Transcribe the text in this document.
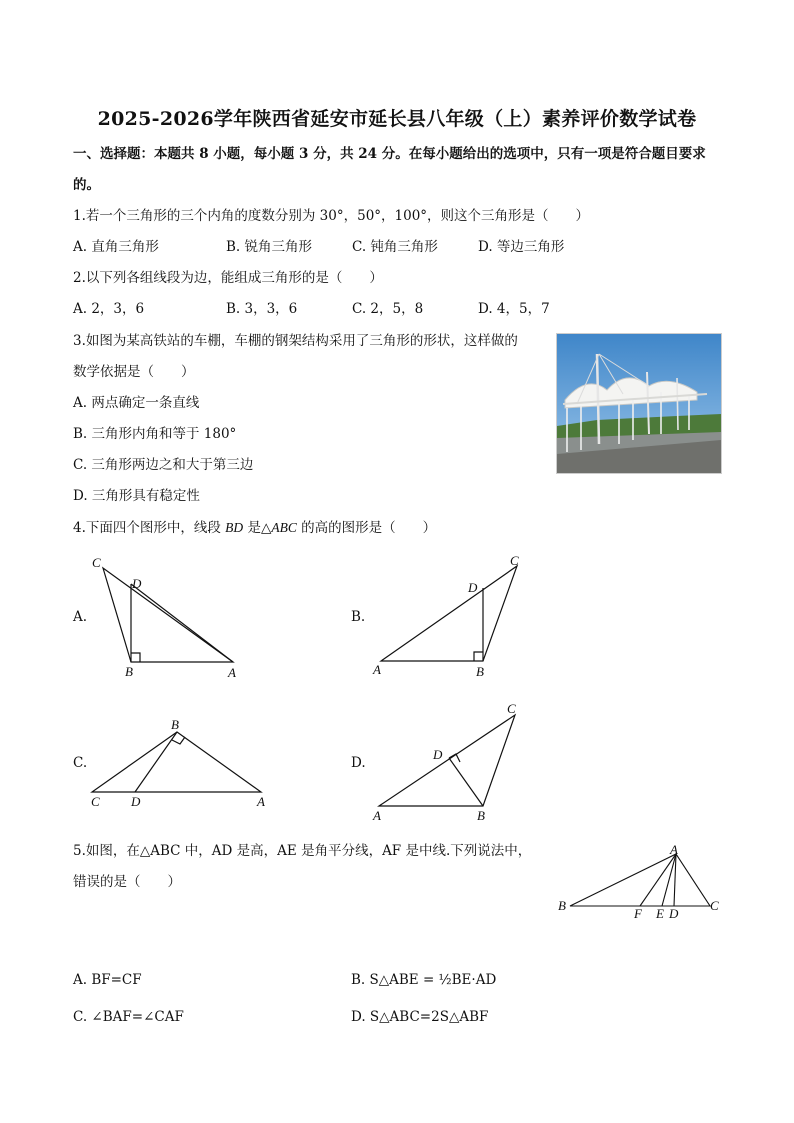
2025-2026学年陕西省延安市延长县八年级（上）素养评价数学试卷
一、选择题：本题共 8 小题，每小题 3 分，共 24 分。在每小题给出的选项中，只有一项是符合题目要求
的。
1.若一个三角形的三个内角的度数分别为 30°，50°，100°，则这个三角形是（　　）
A. 直角三角形	B. 锐角三角形	C. 钝角三角形	D. 等边三角形
2.以下列各组线段为边，能组成三角形的是（　　）
A. 2，3，6	B. 3，3，6	C. 2，5，8	D. 4，5，7
3.如图为某高铁站的车棚，车棚的钢架结构采用了三角形的形状，这样做的
数学依据是（　　）
A. 两点确定一条直线
B. 三角形内角和等于 180°
C. 三角形两边之和大于第三边
D. 三角形具有稳定性
4.下面四个图形中，线段 BD 是△ABC 的高的图形是（　　）
A.	B.
C.	D.
C
D
B	A
C
D
A	B
B
C D	A
C
D
A	B
5.如图，在△ABC 中，AD 是高，AE 是角平分线，AF 是中线.下列说法中，
错误的是（　　）
A
B	C
F E D
A. BF=CF	B. S△ABE = ½BE·AD
C. ∠BAF=∠CAF	D. S△ABC=2S△ABF
